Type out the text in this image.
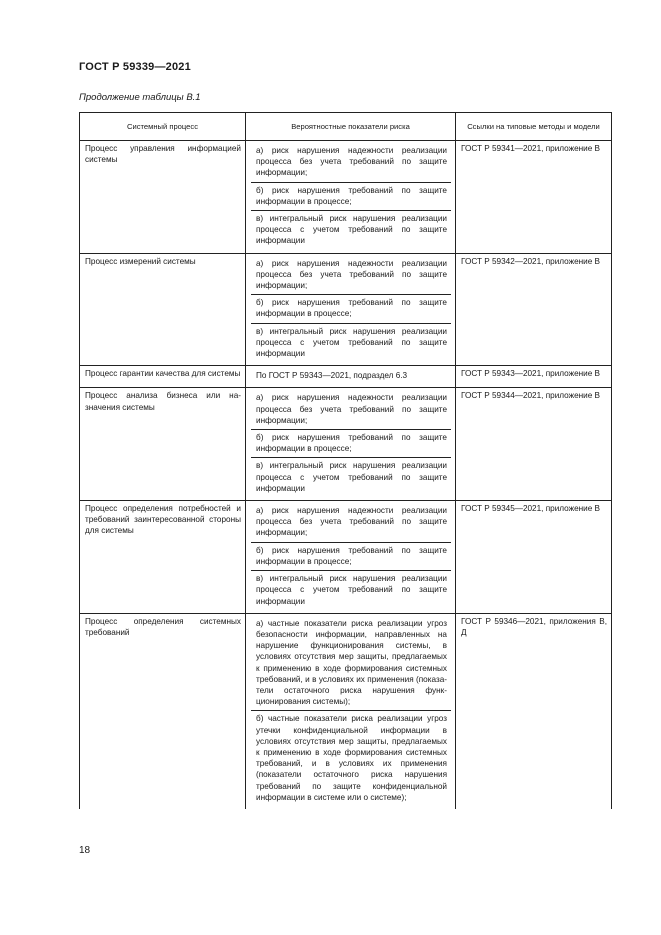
ГОСТ Р 59339—2021
Продолжение таблицы В.1
Системный процесс	Вероятностные показатели риска	Ссылки на типовые методы и модели
Процесс управления информацией системы	а) риск нарушения надежности реализации процесса без учета требований по защите информации;
б) риск нарушения требований по защите информации в процессе;
в) интегральный риск нарушения реализации процесса с учетом требований по защите информации	ГОСТ Р 59341—2021, приложение В
Процесс измерений системы	а) риск нарушения надежности реализации процесса без учета требований по защите информации;
б) риск нарушения требований по защите информации в процессе;
в) интегральный риск нарушения реализации процесса с учетом требований по защите информации	ГОСТ Р 59342—2021, приложение В
Процесс гарантии качества для системы	По ГОСТ Р 59343—2021, подраздел 6.3	ГОСТ Р 59343—2021, приложение В
Процесс анализа бизнеса или назначения системы	а) риск нарушения надежности реализации процесса без учета требований по защите информации;
б) риск нарушения требований по защите информации в процессе;
в) интегральный риск нарушения реализации процесса с учетом требований по защите информации	ГОСТ Р 59344—2021, приложение В
Процесс определения потребностей и требований заинтересованной стороны для системы	а) риск нарушения надежности реализации процесса без учета требований по защите информации;
б) риск нарушения требований по защите информации в процессе;
в) интегральный риск нарушения реализации процесса с учетом требований по защите информации	ГОСТ Р 59345—2021, приложение В
Процесс определения системных требований	а) частные показатели риска реализации угроз безопасности информации, направленных на нарушение функционирования системы, в условиях отсутствия мер защиты, предлагаемых к применению в ходе формирования системных требований, и в условиях их применения (показатели остаточного риска нарушения функционирования системы);
б) частные показатели риска реализации угроз утечки конфиденциальной информации в условиях отсутствия мер защиты, предлагаемых к применению в ходе формирования системных требований, и в условиях их применения (показатели остаточного риска нарушения требований по защите конфиденциальной информации в системе или о системе);	ГОСТ Р 59346—2021, приложения В, Д
18
